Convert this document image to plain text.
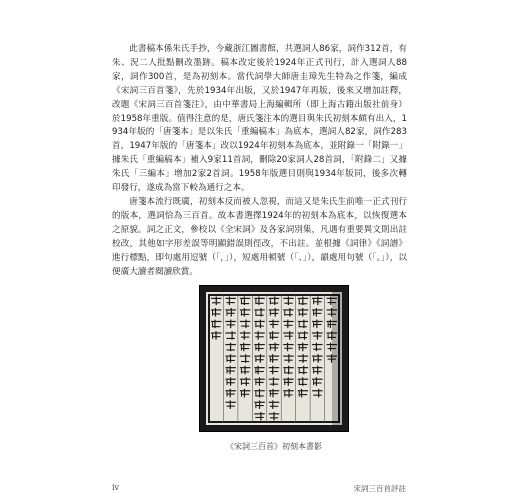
此書稿本係朱氏手抄，今藏浙江圖書館，共選詞人86家，詞作312首，有朱、況二人批點刪改墨跡。稿本改定後於1924年正式刊行，計入選詞人88家，詞作300首，是為初刻本。當代詞學大師唐圭璋先生特為之作箋，編成《宋詞三百首箋》，先於1934年出版，又於1947年再版，後來又增加註釋，改題《宋詞三百首箋注》，由中華書局上海編輯所（即上海古籍出版社前身）於1958年重版。值得注意的是，唐氏箋注本的選目與朱氏初刻本頗有出入，1934年版的「唐箋本」是以朱氏「重編稿本」為底本，選詞人82家，詞作283首，1947年版的「唐箋本」改以1924年初刻本為底本，並附錄一「附錄一」據朱氏「重編稿本」補入9家11首詞，刪除20家詞人28首詞，「附錄二」又據朱氏「三編本」增加2家2首詞。1958年版選目則與1934年版同，後多次轉印發行，遂成為當下較為通行之本。

唐箋本流行既廣，初刻本反而被人忽視，而這又是朱氏生前唯一正式刊行的版本，選詞恰為三百首。故本書選擇1924年的初刻本為底本，以恢復選本之原貌。詞之正文，參校以《全宋詞》及各家詞別集，凡遇有重要異文則出註校改，其他如字形差誤等明顯錯誤則徑改，不出註。並根據《詞律》《詞譜》進行標點，即句處用逗號（「，」），短處用頓號（「、」），韻處用句號（「。」），以便廣大讀者閱讀欣賞。

《宋詞三百首》初刻本書影
iv	宋詞三百首評註
